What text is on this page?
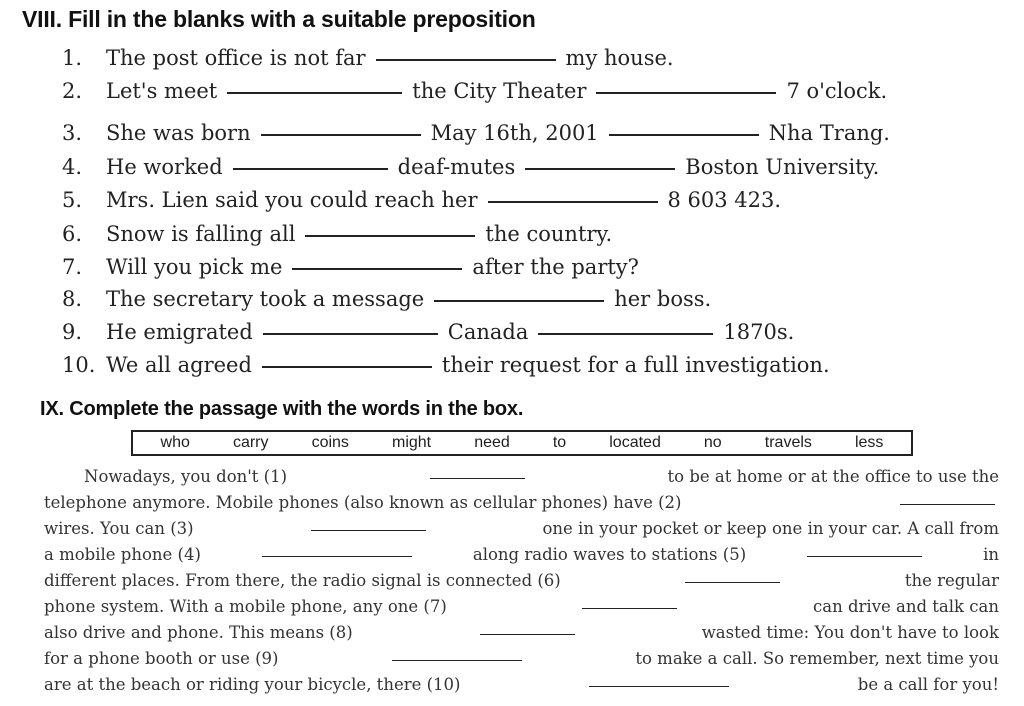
VIII. Fill in the blanks with a suitable preposition
1.	The post office is not far	my house.
2.	Let's meet	the City Theater	7 o'clock.
3.	She was born	May 16th, 2001	Nha Trang.
4.	He worked	deaf-mutes	Boston University.
5.	Mrs. Lien said you could reach her	8 603 423.
6.	Snow is falling all	the country.
7.	Will you pick me	after the party?
8.	The secretary took a message	her boss.
9.	He emigrated	Canada	1870s.
10. We all agreed	their request for a full investigation.
IX. Complete the passage with the words in the box.
who	carry	coins	might	need	to	located	no	travels	less
Nowadays, you don't (1)	to be at home or at the office to use the
telephone anymore. Mobile phones (also known as cellular phones) have (2)
wires. You can (3)	one in your pocket or keep one in your car. A call from
a mobile phone (4)	along radio waves to stations (5)	in
different places. From there, the radio signal is connected (6)	the regular
phone system. With a mobile phone, any one (7)	can drive and talk can
also drive and phone. This means (8)	wasted time: You don't have to look
for a phone booth or use (9)	to make a call. So remember, next time you
are at the beach or riding your bicycle, there (10)	be a call for you!
